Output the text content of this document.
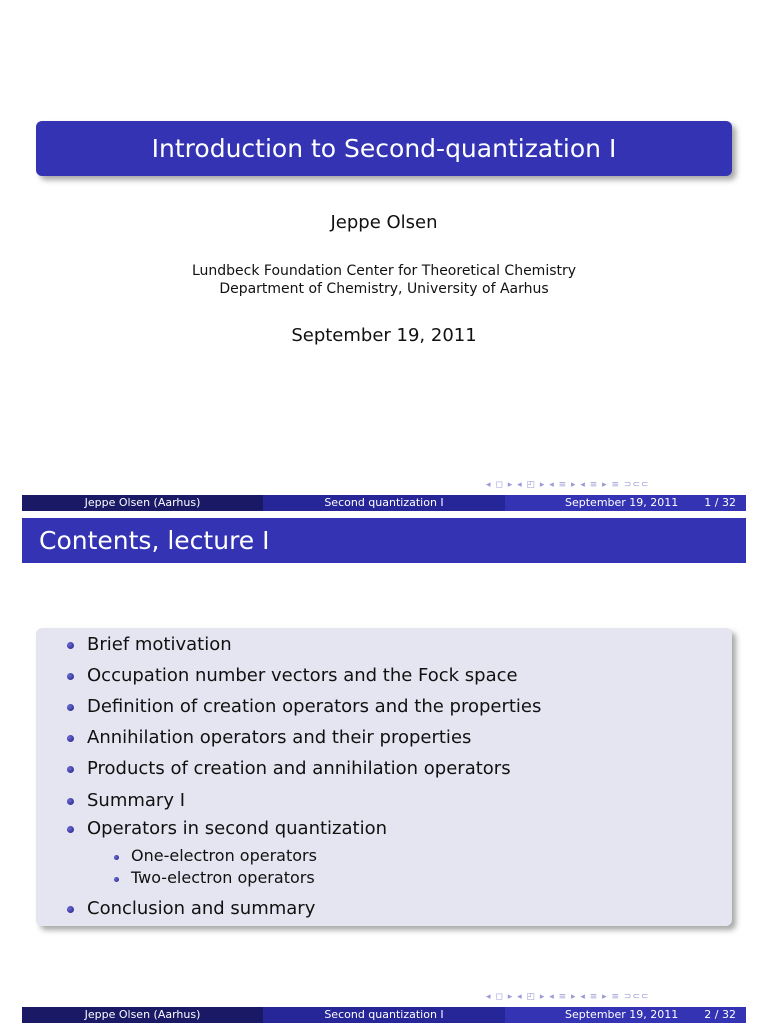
Introduction to Second-quantization I
Jeppe Olsen
Lundbeck Foundation Center for Theoretical Chemistry
Department of Chemistry, University of Aarhus
September 19, 2011
◂ ◻ ▸ ◂ ◰ ▸ ◂ ≡ ▸ ◂ ≡ ▸ ≡ ⊃⊂⊂
Jeppe Olsen (Aarhus)	Second quantization I	September 19, 2011 1 / 32
Contents, lecture I
Brief motivation
Occupation number vectors and the Fock space
Definition of creation operators and the properties
Annihilation operators and their properties
Products of creation and annihilation operators
Summary I
Operators in second quantization
One-electron operators
Two-electron operators
Conclusion and summary
◂ ◻ ▸ ◂ ◰ ▸ ◂ ≡ ▸ ◂ ≡ ▸ ≡ ⊃⊂⊂
Jeppe Olsen (Aarhus)	Second quantization I	September 19, 2011 2 / 32
